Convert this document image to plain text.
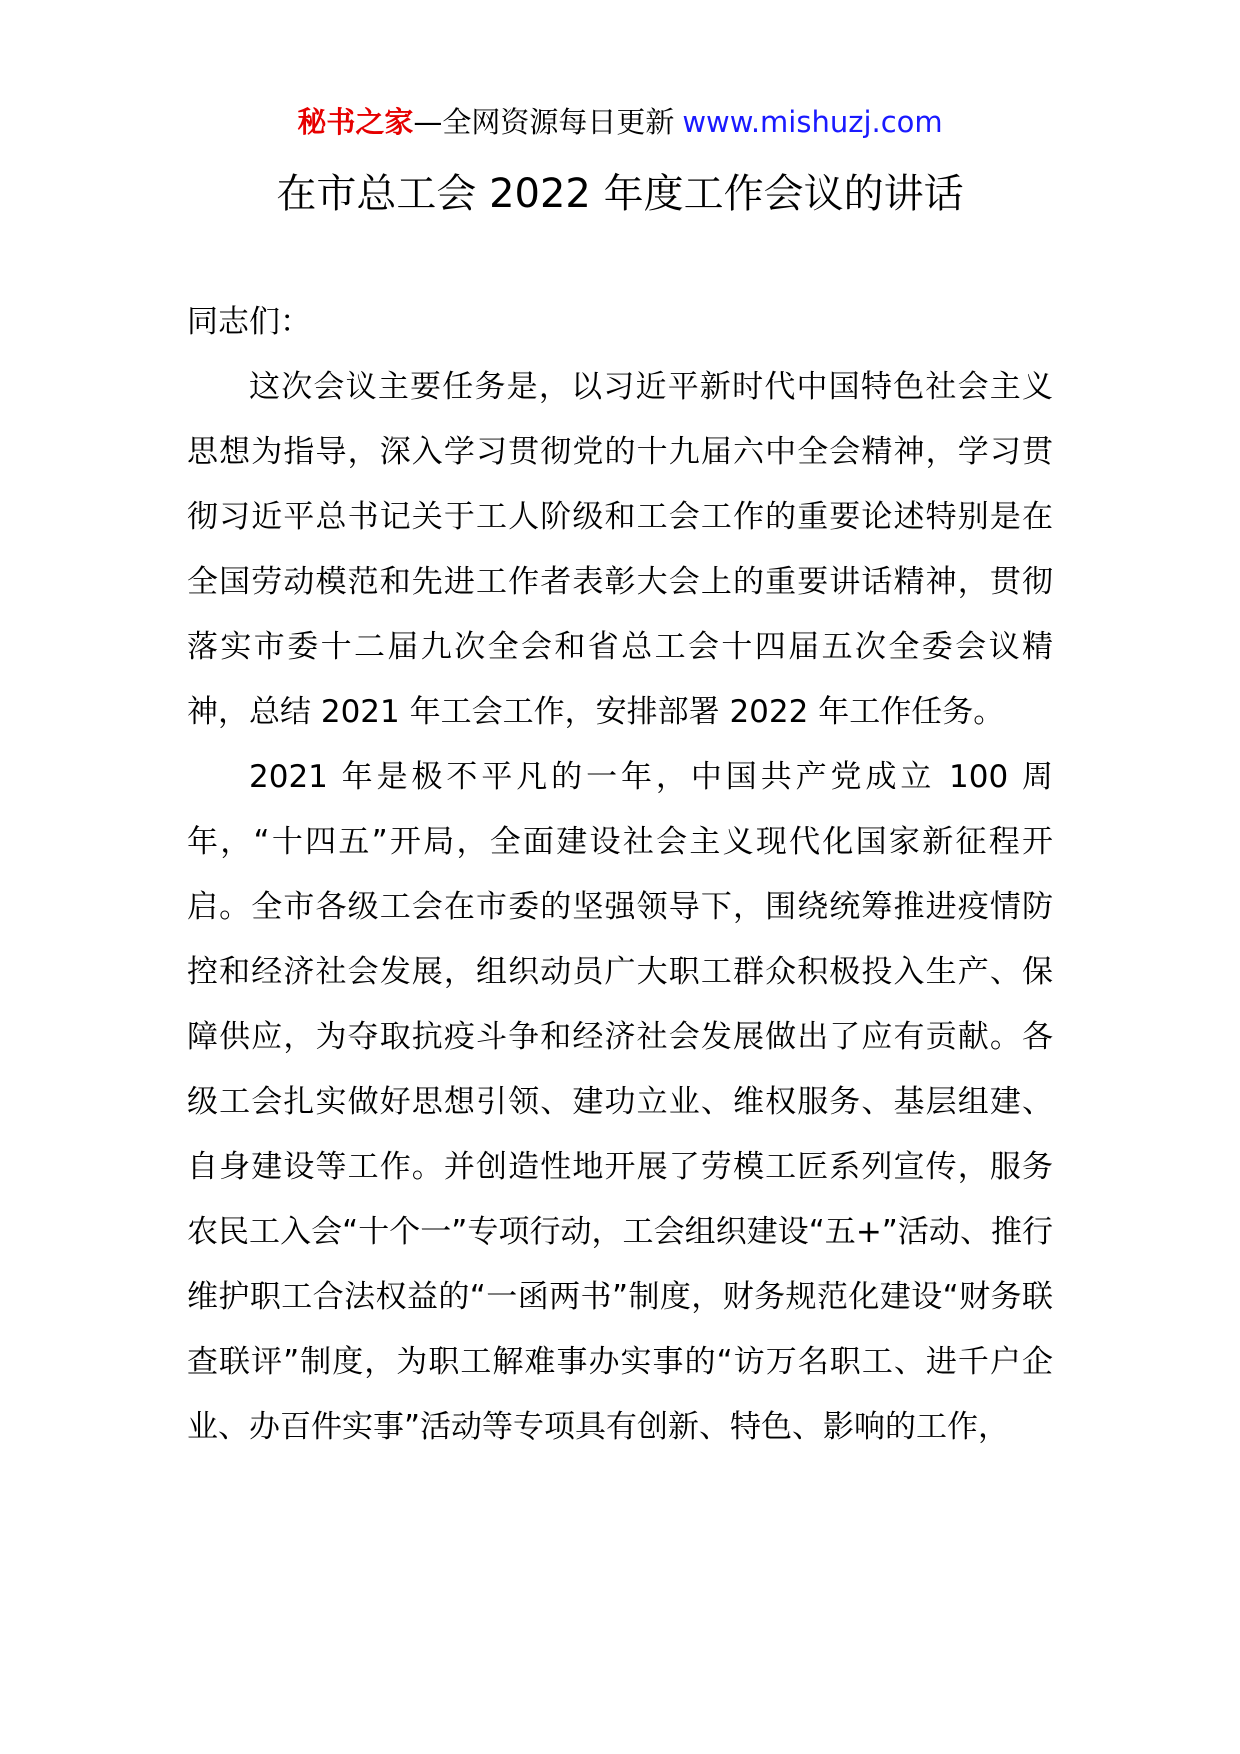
秘书之家—全网资源每日更新 www.mishuzj.com
在市总工会 2022 年度工作会议的讲话

同志们：

这次会议主要任务是，以习近平新时代中国特色社会主义思想为指导，深入学习贯彻党的十九届六中全会精神，学习贯彻习近平总书记关于工人阶级和工会工作的重要论述特别是在全国劳动模范和先进工作者表彰大会上的重要讲话精神，贯彻落实市委十二届九次全会和省总工会十四届五次全委会议精神，总结 2021 年工会工作，安排部署 2022 年工作任务。

2021 年是极不平凡的一年，中国共产党成立 100 周年，“十四五”开局，全面建设社会主义现代化国家新征程开启。全市各级工会在市委的坚强领导下，围绕统筹推进疫情防控和经济社会发展，组织动员广大职工群众积极投入生产、保障供应，为夺取抗疫斗争和经济社会发展做出了应有贡献。各级工会扎实做好思想引领、建功立业、维权服务、基层组建、自身建设等工作。并创造性地开展了劳模工匠系列宣传，服务农民工入会“十个一”专项行动，工会组织建设“五+”活动、推行维护职工合法权益的“一函两书”制度，财务规范化建设“财务联查联评”制度，为职工解难事办实事的“访万名职工、进千户企业、办百件实事”活动等专项具有创新、特色、影响的工作，
